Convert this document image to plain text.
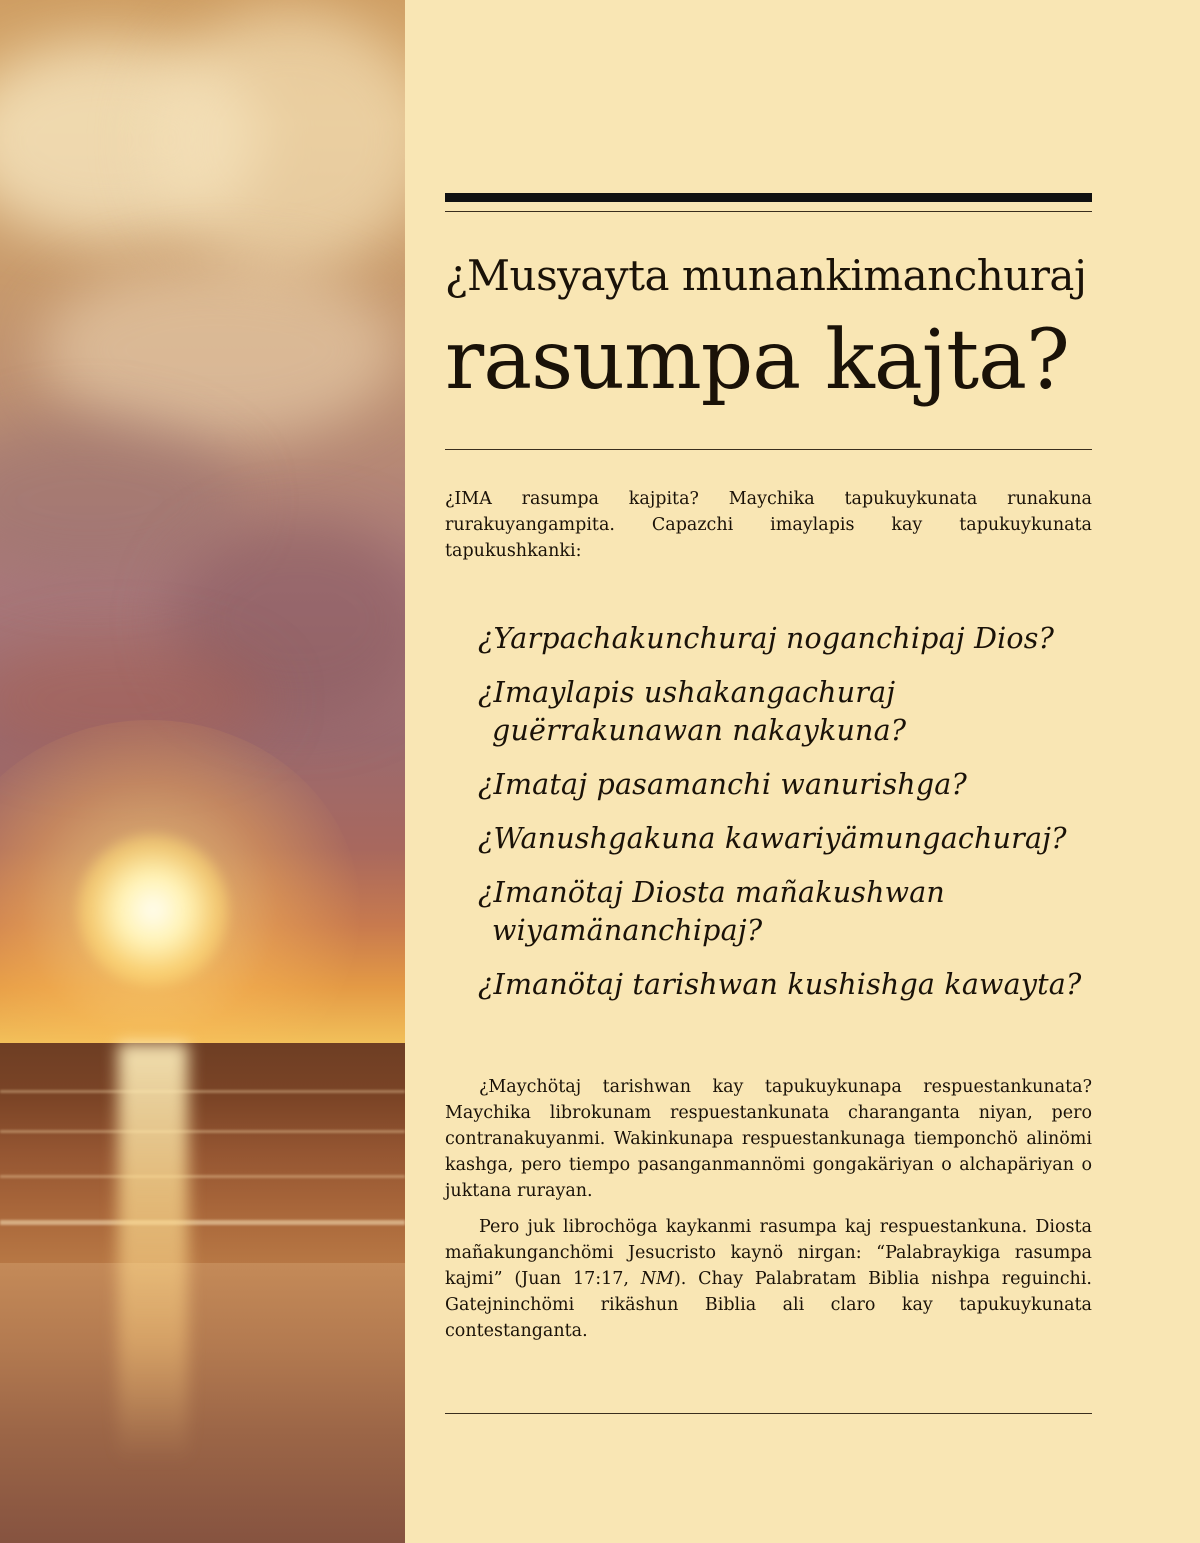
¿Musyayta munankimanchuraj
rasumpa kajta?

¿IMA rasumpa kajpita? Maychika tapukuykunata runakuna rurakuyangampita. Capazchi imaylapis kay tapukuykunata tapukushkanki:

¿Yarpachakunchuraj noganchipaj Dios?

¿Imaylapis ushakangachuraj guërrakunawan nakaykuna?

¿Imataj pasamanchi wanurishga?

¿Wanushgakuna kawariyämungachuraj?

¿Imanötaj Diosta mañakushwan wiyamänanchipaj?

¿Imanötaj tarishwan kushishga kawayta?

¿Maychötaj tarishwan kay tapukuykunapa respuestankunata? Maychika librokunam respuestankunata charanganta niyan, pero contranakuyanmi. Wakinkunapa respuestankunaga tiemponchö alinömi kashga, pero tiempo pasanganmannömi gongakäriyan o alchapäriyan o juktana rurayan.

Pero juk librochöga kaykanmi rasumpa kaj respuestankuna. Diosta mañakunganchömi Jesucristo kaynö nirgan: “Palabraykiga rasumpa kajmi” (Juan 17:17, NM). Chay Palabratam Biblia nishpa reguinchi. Gatejninchömi rikäshun Biblia ali claro kay tapukuykunata contestanganta.
